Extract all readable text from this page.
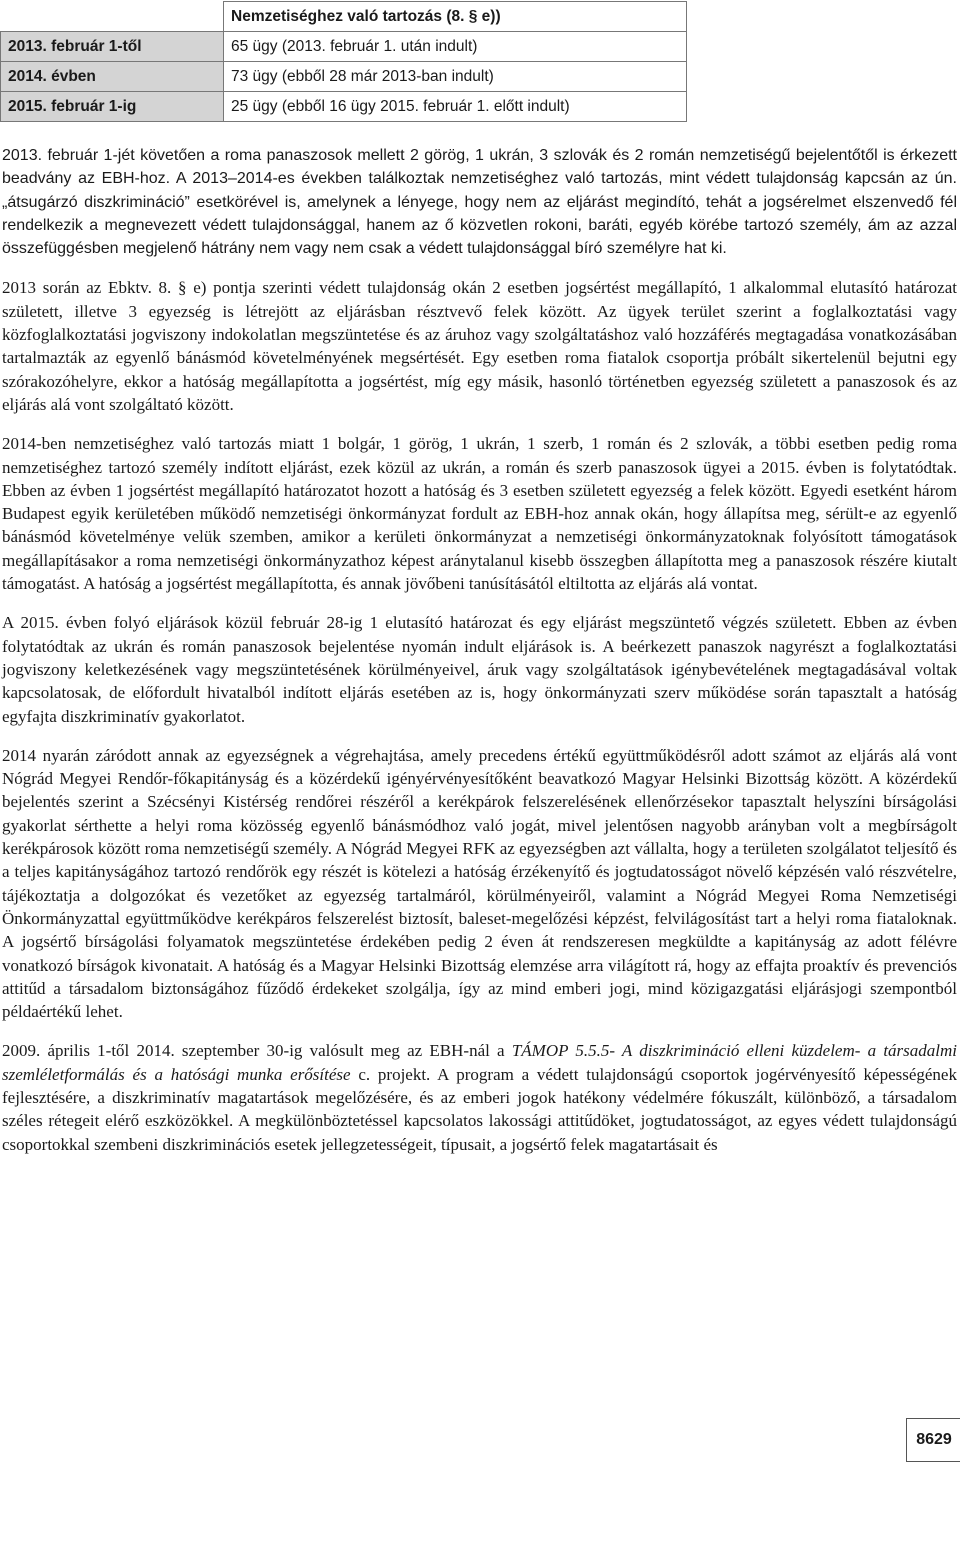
	Nemzetiséghez való tartozás (8. § e))
2013. február 1-től	65 ügy (2013. február 1. után indult)
2014. évben	73 ügy (ebből 28 már 2013-ban indult)
2015. február 1-ig	25 ügy (ebből 16 ügy 2015. február 1. előtt indult)

2013. február 1-jét követően a roma panaszosok mellett 2 görög, 1 ukrán, 3 szlovák és 2 román nemzetiségű bejelentőtől is érkezett beadvány az EBH-hoz. A 2013–2014-es években találkoztak nemzetiséghez való tartozás, mint védett tulajdonság kapcsán az ún. „átsugárzó diszkrimináció” esetkörével is, amelynek a lényege, hogy nem az eljárást megindító, tehát a jogsérelmet elszenvedő fél rendelkezik a megnevezett védett tulajdonsággal, hanem az ő közvetlen rokoni, baráti, egyéb körébe tartozó személy, ám az azzal összefüggésben megjelenő hátrány nem vagy nem csak a védett tulajdonsággal bíró személyre hat ki.

2013 során az Ebktv. 8. § e) pontja szerinti védett tulajdonság okán 2 esetben jogsértést megállapító, 1 alkalommal elutasító határozat született, illetve 3 egyezség is létrejött az eljárásban résztvevő felek között. Az ügyek terület szerint a foglalkoztatási vagy közfoglalkoztatási jogviszony indokolatlan megszüntetése és az áruhoz vagy szolgáltatáshoz való hozzáférés megtagadása vonatkozásában tartalmazták az egyenlő bánásmód követelményének megsértését. Egy esetben roma fiatalok csoportja próbált sikertelenül bejutni egy szórakozóhelyre, ekkor a hatóság megállapította a jogsértést, míg egy másik, hasonló történetben egyezség született a panaszosok és az eljárás alá vont szolgáltató között.

2014-ben nemzetiséghez való tartozás miatt 1 bolgár, 1 görög, 1 ukrán, 1 szerb, 1 román és 2 szlovák, a többi esetben pedig roma nemzetiséghez tartozó személy indított eljárást, ezek közül az ukrán, a román és szerb panaszosok ügyei a 2015. évben is folytatódtak. Ebben az évben 1 jogsértést megállapító határozatot hozott a hatóság és 3 esetben született egyezség a felek között. Egyedi esetként három Budapest egyik kerületében működő nemzetiségi önkormányzat fordult az EBH-hoz annak okán, hogy állapítsa meg, sérült-e az egyenlő bánásmód követelménye velük szemben, amikor a kerületi önkormányzat a nemzetiségi önkormányzatoknak folyósított támogatások megállapításakor a roma nemzetiségi önkormányzathoz képest aránytalanul kisebb összegben állapította meg a panaszosok részére kiutalt támogatást. A hatóság a jogsértést megállapította, és annak jövőbeni tanúsításától eltiltotta az eljárás alá vontat.

A 2015. évben folyó eljárások közül február 28-ig 1 elutasító határozat és egy eljárást megszüntető végzés született. Ebben az évben folytatódtak az ukrán és román panaszosok bejelentése nyomán indult eljárások is. A beérkezett panaszok nagyrészt a foglalkoztatási jogviszony keletkezésének vagy megszüntetésének körülményeivel, áruk vagy szolgáltatások igénybevételének megtagadásával voltak kapcsolatosak, de előfordult hivatalból indított eljárás esetében az is, hogy önkormányzati szerv működése során tapasztalt a hatóság egyfajta diszkriminatív gyakorlatot.

2014 nyarán záródott annak az egyezségnek a végrehajtása, amely precedens értékű együttműködésről adott számot az eljárás alá vont Nógrád Megyei Rendőr-főkapitányság és a közérdekű igényérvényesítőként beavatkozó Magyar Helsinki Bizottság között. A közérdekű bejelentés szerint a Szécsényi Kistérség rendőrei részéről a kerékpárok felszerelésének ellenőrzésekor tapasztalt helyszíni bírságolási gyakorlat sérthette a helyi roma közösség egyenlő bánásmódhoz való jogát, mivel jelentősen nagyobb arányban volt a megbírságolt kerékpárosok között roma nemzetiségű személy. A Nógrád Megyei RFK az egyezségben azt vállalta, hogy a területen szolgálatot teljesítő és a teljes kapitányságához tartozó rendőrök egy részét is kötelezi a hatóság érzékenyítő és jogtudatosságot növelő képzésén való részvételre, tájékoztatja a dolgozókat és vezetőket az egyezség tartalmáról, körülményeiről, valamint a Nógrád Megyei Roma Nemzetiségi Önkormányzattal együttműködve kerékpáros felszerelést biztosít, baleset-megelőzési képzést, felvilágosítást tart a helyi roma fiataloknak. A jogsértő bírságolási folyamatok megszüntetése érdekében pedig 2 éven át rendszeresen megküldte a kapitányság az adott félévre vonatkozó bírságok kivonatait. A hatóság és a Magyar Helsinki Bizottság elemzése arra világított rá, hogy az effajta proaktív és prevenciós attitűd a társadalom biztonságához fűződő érdekeket szolgálja, így az mind emberi jogi, mind közigazgatási eljárásjogi szempontból példaértékű lehet.

2009. április 1-től 2014. szeptember 30-ig valósult meg az EBH-nál a TÁMOP 5.5.5- A diszkrimináció elleni küzdelem- a társadalmi szemléletformálás és a hatósági munka erősítése c. projekt. A program a védett tulajdonságú csoportok jogérvényesítő képességének fejlesztésére, a diszkriminatív magatartások megelőzésére, és az emberi jogok hatékony védelmére fókuszált, különböző, a társadalom széles rétegeit elérő eszközökkel. A megkülönböztetéssel kapcsolatos lakossági attitűdöket, jogtudatosságot, az egyes védett tulajdonságú csoportokkal szembeni diszkriminációs esetek jellegzetességeit, típusait, a jogsértő felek magatartásait és

8629
